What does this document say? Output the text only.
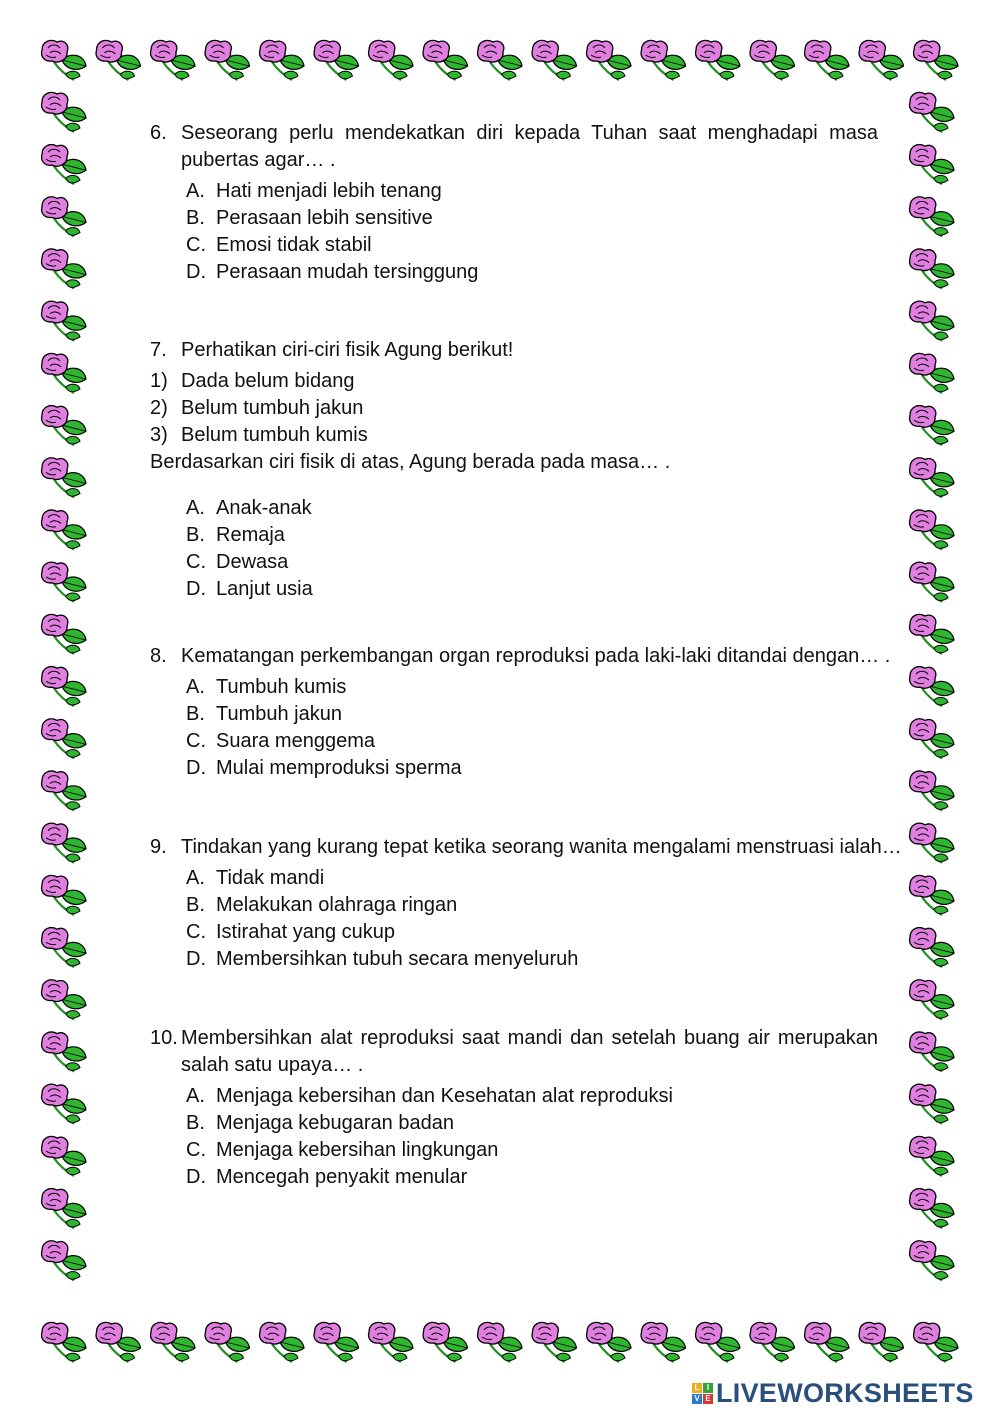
6. Seseorang perlu mendekatkan diri kepada Tuhan saat menghadapi masa pubertas agar… .
A. Hati menjadi lebih tenang
B. Perasaan lebih sensitive
C. Emosi tidak stabil
D. Perasaan mudah tersinggung
7. Perhatikan ciri-ciri fisik Agung berikut!
1) Dada belum bidang
2) Belum tumbuh jakun
3) Belum tumbuh kumis
Berdasarkan ciri fisik di atas, Agung berada pada masa… .
A. Anak-anak
B. Remaja
C. Dewasa
D. Lanjut usia
8. Kematangan perkembangan organ reproduksi pada laki-laki ditandai dengan… .
A. Tumbuh kumis
B. Tumbuh jakun
C. Suara menggema
D. Mulai memproduksi sperma
9. Tindakan yang kurang tepat ketika seorang wanita mengalami menstruasi ialah…
A. Tidak mandi
B. Melakukan olahraga ringan
C. Istirahat yang cukup
D. Membersihkan tubuh secara menyeluruh
10. Membersihkan alat reproduksi saat mandi dan setelah buang air merupakan salah satu upaya… .
A. Menjaga kebersihan dan Kesehatan alat reproduksi
B. Menjaga kebugaran badan
C. Menjaga kebersihan lingkungan
D. Mencegah penyakit menular
L I
V E LIVEWORKSHEETS
